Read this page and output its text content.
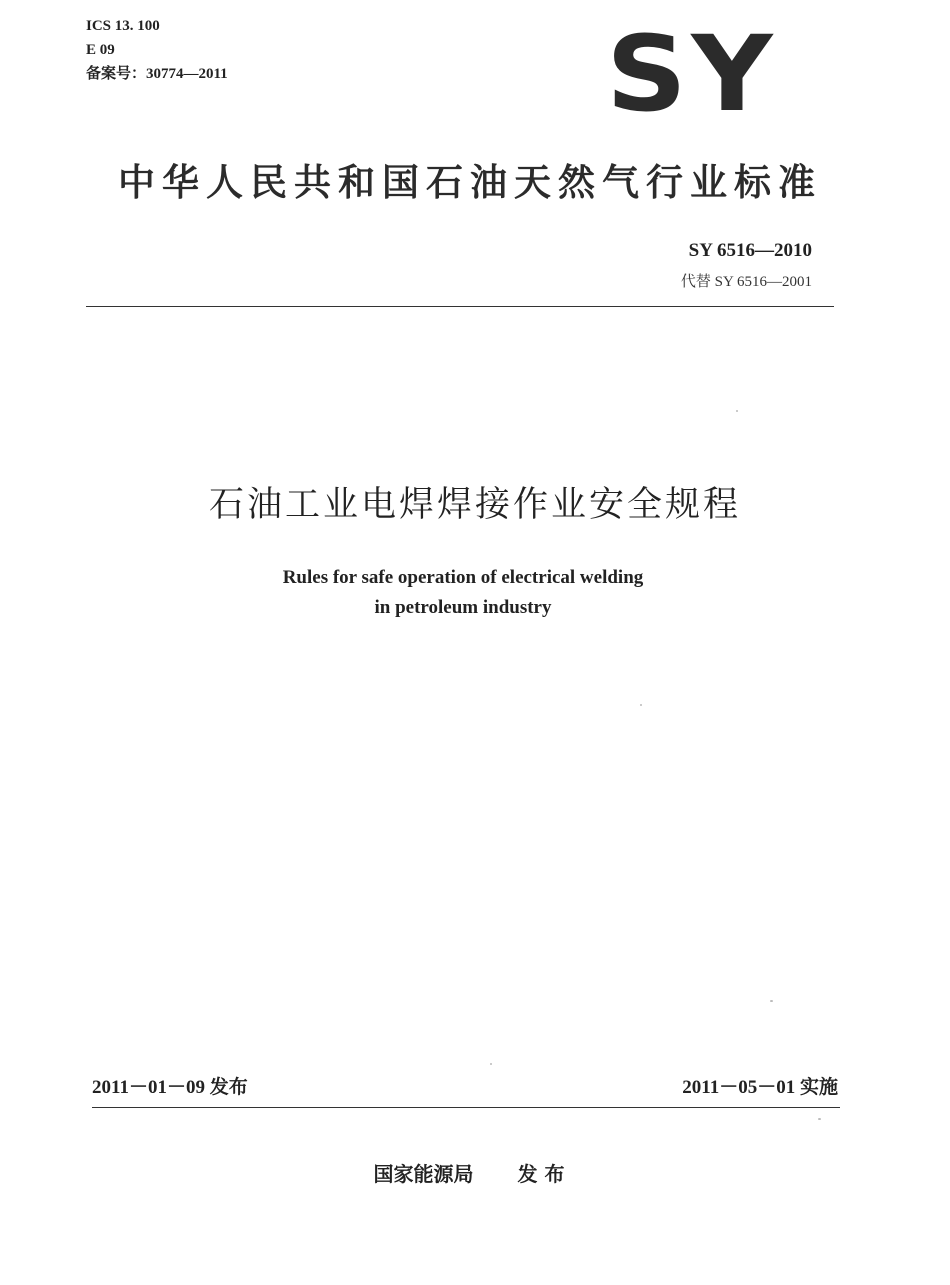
ICS 13. 100
E 09
备案号：30774—2011	SY
中华人民共和国石油天然气行业标准
SY 6516—2010
代替 SY 6516—2001
石油工业电焊焊接作业安全规程
Rules for safe operation of electrical welding
in petroleum industry
2011－01－09 发布	2011－05－01 实施
国家能源局 发 布
